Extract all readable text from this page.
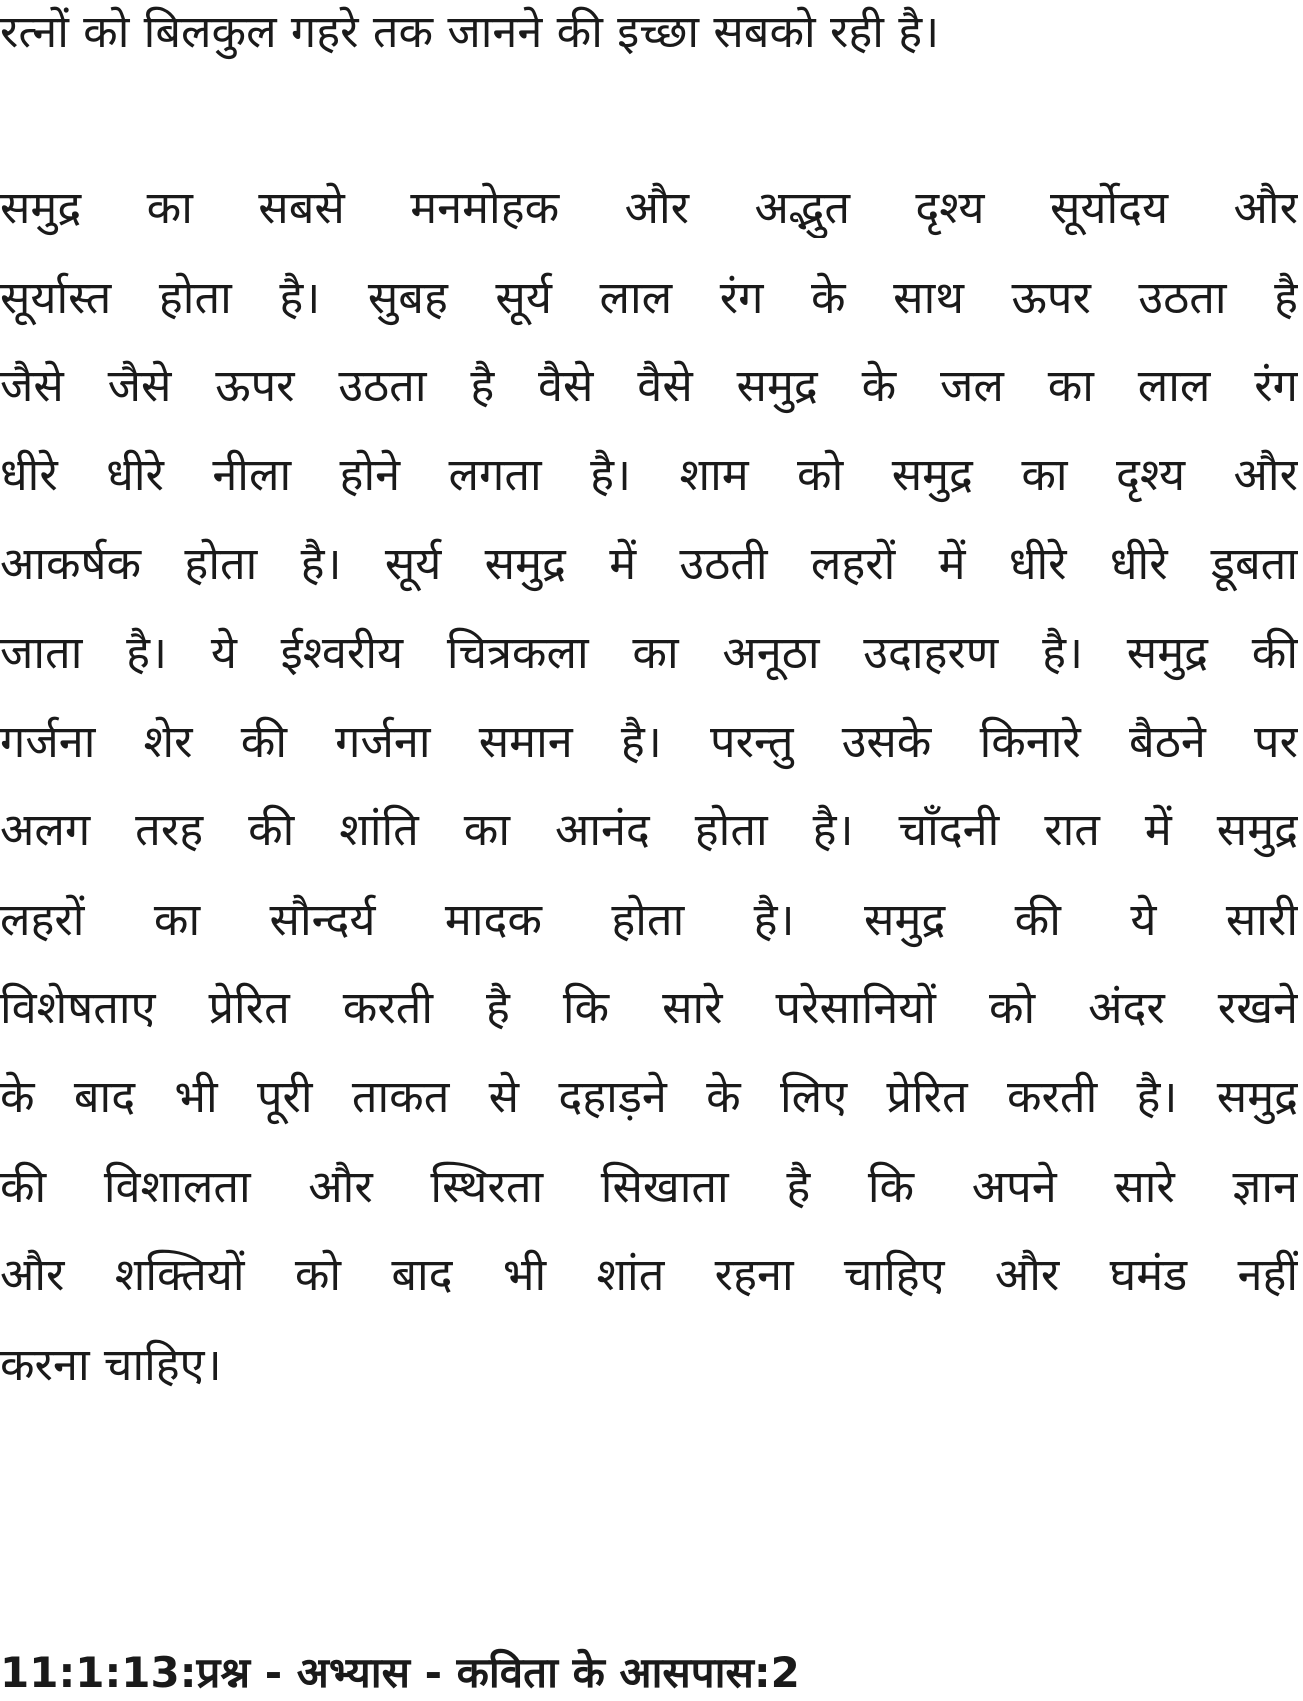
रत्नों को बिलकुल गहरे तक जानने की इच्छा सबको रही है।
समुद्र का सबसे मनमोहक और अद्भुत दृश्य सूर्योदय और
सूर्यास्त होता है। सुबह सूर्य लाल रंग के साथ ऊपर उठता है
जैसे जैसे ऊपर उठता है वैसे वैसे समुद्र के जल का लाल रंग
धीरे धीरे नीला होने लगता है। शाम को समुद्र का दृश्य और
आकर्षक होता है। सूर्य समुद्र में उठती लहरों में धीरे धीरे डूबता
जाता है। ये ईश्वरीय चित्रकला का अनूठा उदाहरण है। समुद्र की
गर्जना शेर की गर्जना समान है। परन्तु उसके किनारे बैठने पर
अलग तरह की शांति का आनंद होता है। चाँदनी रात में समुद्र
लहरों का सौन्दर्य मादक होता है। समुद्र की ये सारी
विशेषताए प्रेरित करती है कि सारे परेसानियों को अंदर रखने
के बाद भी पूरी ताकत से दहाड़ने के लिए प्रेरित करती है। समुद्र
की विशालता और स्थिरता सिखाता है कि अपने सारे ज्ञान
और शक्तियों को बाद भी शांत रहना चाहिए और घमंड नहीं
करना चाहिए।
11:1:13:प्रश्न - अभ्यास - कविता के आसपास:2
